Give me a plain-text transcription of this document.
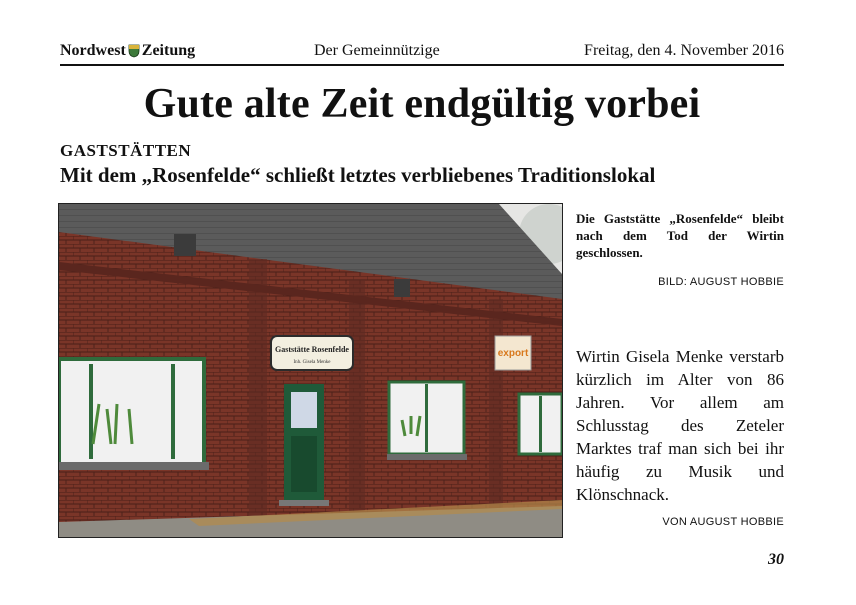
Nordwest Zeitung	Der Gemeinnützige	Freitag, den 4. November 2016
Gute alte Zeit endgültig vorbei
GASTSTÄTTEN
Mit dem „Rosenfelde“ schließt letztes verbliebenes Traditionslokal
Gaststätte Rosenfelde
Inh. Gisela Menke
export
Die Gaststätte „Rosenfelde“ bleibt nach dem Tod der Wirtin geschlossen.
BILD: AUGUST HOBBIE

Wirtin Gisela Menke verstarb kürzlich im Alter von 86 Jahren. Vor allem am Schlusstag des Zeteler Marktes traf man sich bei ihr häufig zu Musik und Klönschnack.

VON AUGUST HOBBIE
30
